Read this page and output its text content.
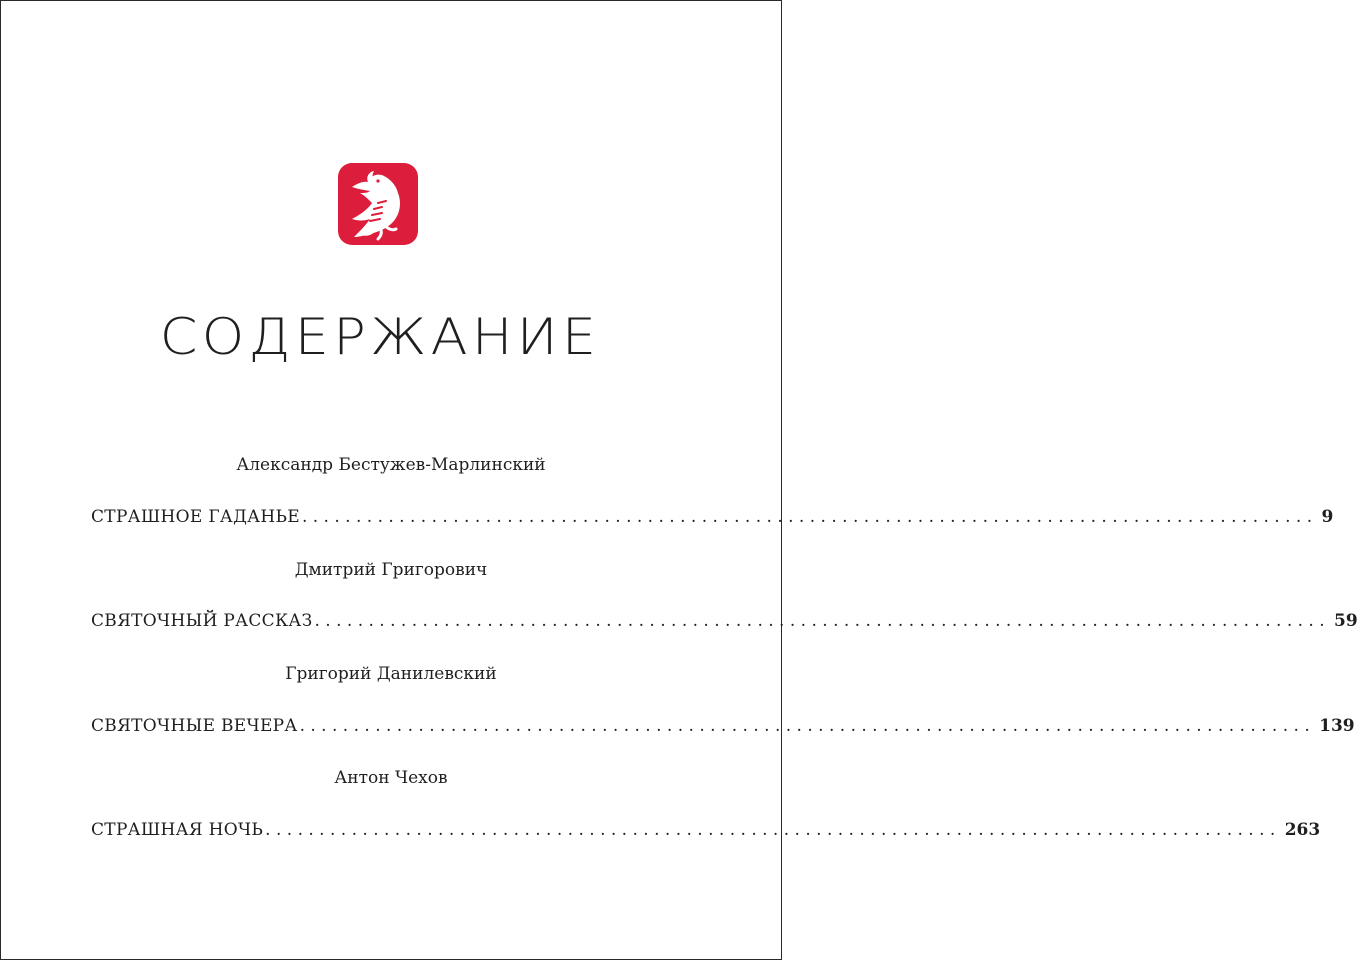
СОДЕРЖАНИЕ
Александр Бестужев-Марлинский
СТРАШНОЕ ГАДАНЬЕ .............................................................................................. 9
Дмитрий Григорович
СВЯТОЧНЫЙ РАССКАЗ .............................................................................................. 59
Григорий Данилевский
СВЯТОЧНЫЕ ВЕЧЕРА .............................................................................................. 139
Антон Чехов
СТРАШНАЯ НОЧЬ .............................................................................................. 263
